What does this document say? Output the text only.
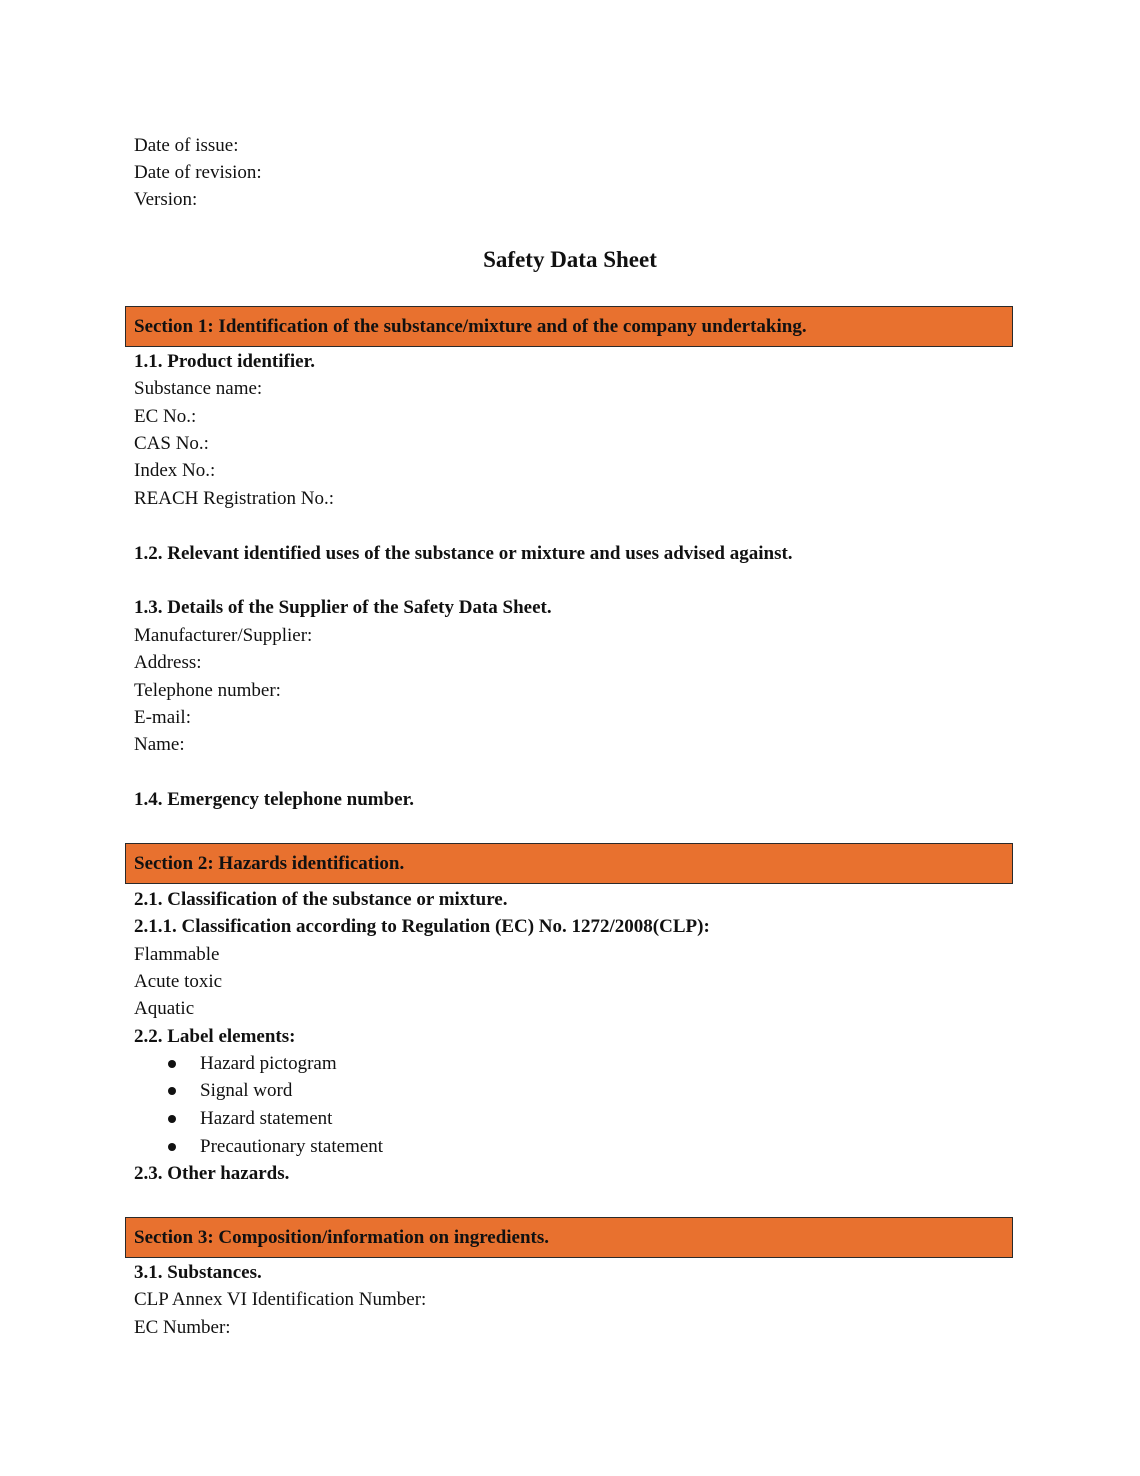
Date of issue:
Date of revision:
Version:
Safety Data Sheet
Section 1: Identification of the substance/mixture and of the company undertaking.
1.1. Product identifier.
Substance name:
EC No.:
CAS No.:
Index No.:
REACH Registration No.:
1.2. Relevant identified uses of the substance or mixture and uses advised against.
1.3. Details of the Supplier of the Safety Data Sheet.
Manufacturer/Supplier:
Address:
Telephone number:
E-mail:
Name:
1.4. Emergency telephone number.
Section 2: Hazards identification.
2.1. Classification of the substance or mixture.
2.1.1. Classification according to Regulation (EC) No. 1272/2008(CLP):
Flammable
Acute toxic
Aquatic
2.2. Label elements:
Hazard pictogram
Signal word
Hazard statement
Precautionary statement
2.3. Other hazards.
Section 3: Composition/information on ingredients.
3.1. Substances.
CLP Annex VI Identification Number:
EC Number:
